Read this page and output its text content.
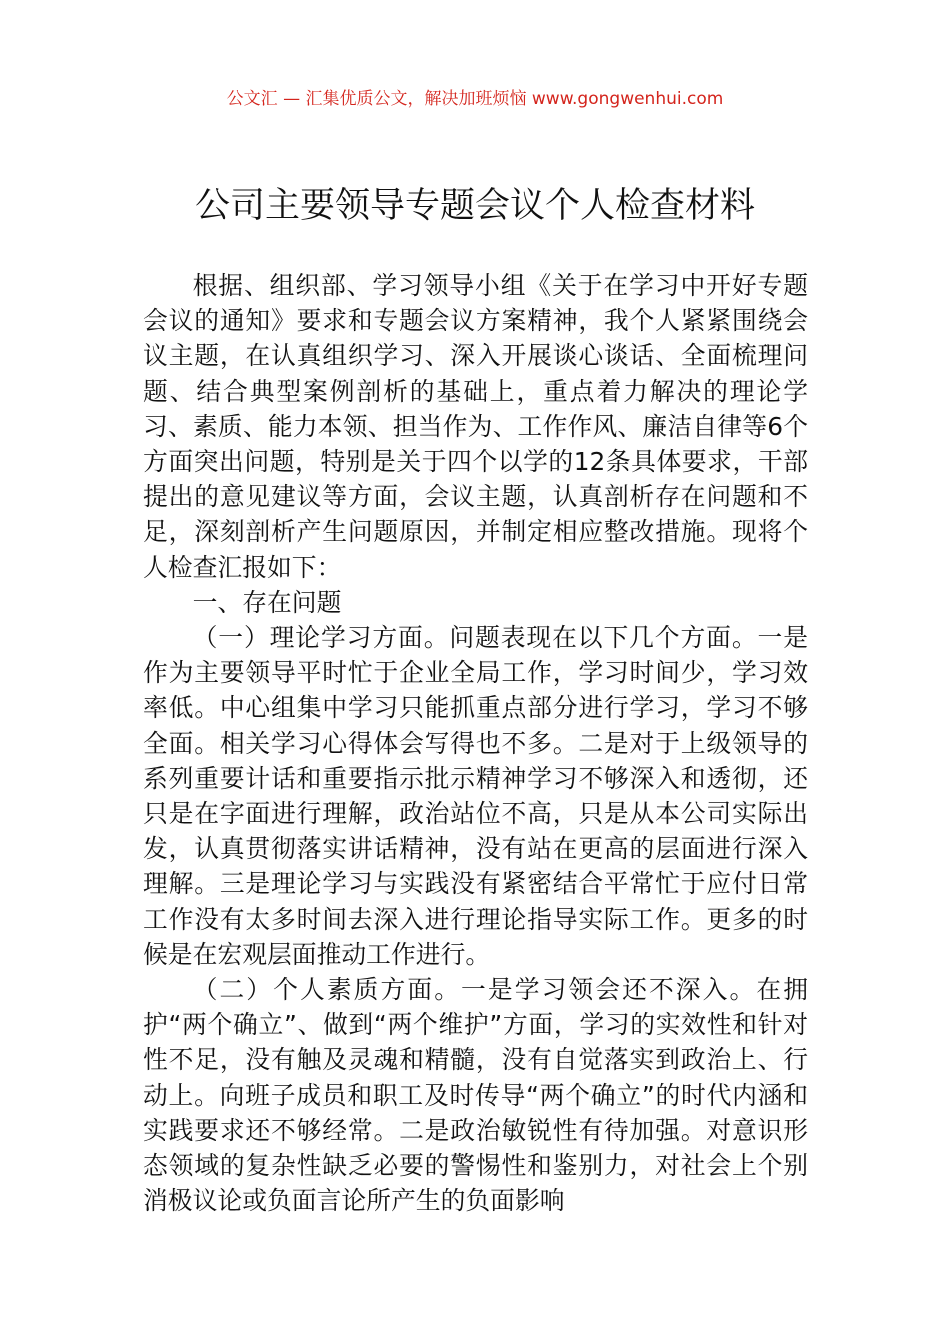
公文汇 — 汇集优质公文，解决加班烦恼 www.gongwenhui.com
公司主要领导专题会议个人检查材料

根据、组织部、学习领导小组《关于在学习中开好专题会议的通知》要求和专题会议方案精神，我个人紧紧围绕会议主题，在认真组织学习、深入开展谈心谈话、全面梳理问题、结合典型案例剖析的基础上，重点着力解决的理论学习、素质、能力本领、担当作为、工作作风、廉洁自律等6个方面突出问题，特别是关于四个以学的12条具体要求，干部提出的意见建议等方面，会议主题，认真剖析存在问题和不足，深刻剖析产生问题原因，并制定相应整改措施。现将个人检查汇报如下：

一、存在问题

（一）理论学习方面。问题表现在以下几个方面。一是作为主要领导平时忙于企业全局工作，学习时间少，学习效率低。中心组集中学习只能抓重点部分进行学习，学习不够全面。相关学习心得体会写得也不多。二是对于上级领导的系列重要计话和重要指示批示精神学习不够深入和透彻，还只是在字面进行理解，政治站位不高，只是从本公司实际出发，认真贯彻落实讲话精神，没有站在更高的层面进行深入理解。三是理论学习与实践没有紧密结合平常忙于应付日常工作没有太多时间去深入进行理论指导实际工作。更多的时候是在宏观层面推动工作进行。

（二）个人素质方面。一是学习领会还不深入。在拥护“两个确立”、做到“两个维护”方面，学习的实效性和针对性不足，没有触及灵魂和精髓，没有自觉落实到政治上、行动上。向班子成员和职工及时传导“两个确立”的时代内涵和实践要求还不够经常。二是政治敏锐性有待加强。对意识形态领域的复杂性缺乏必要的警惕性和鉴别力，对社会上个别消极议论或负面言论所产生的负面影响
